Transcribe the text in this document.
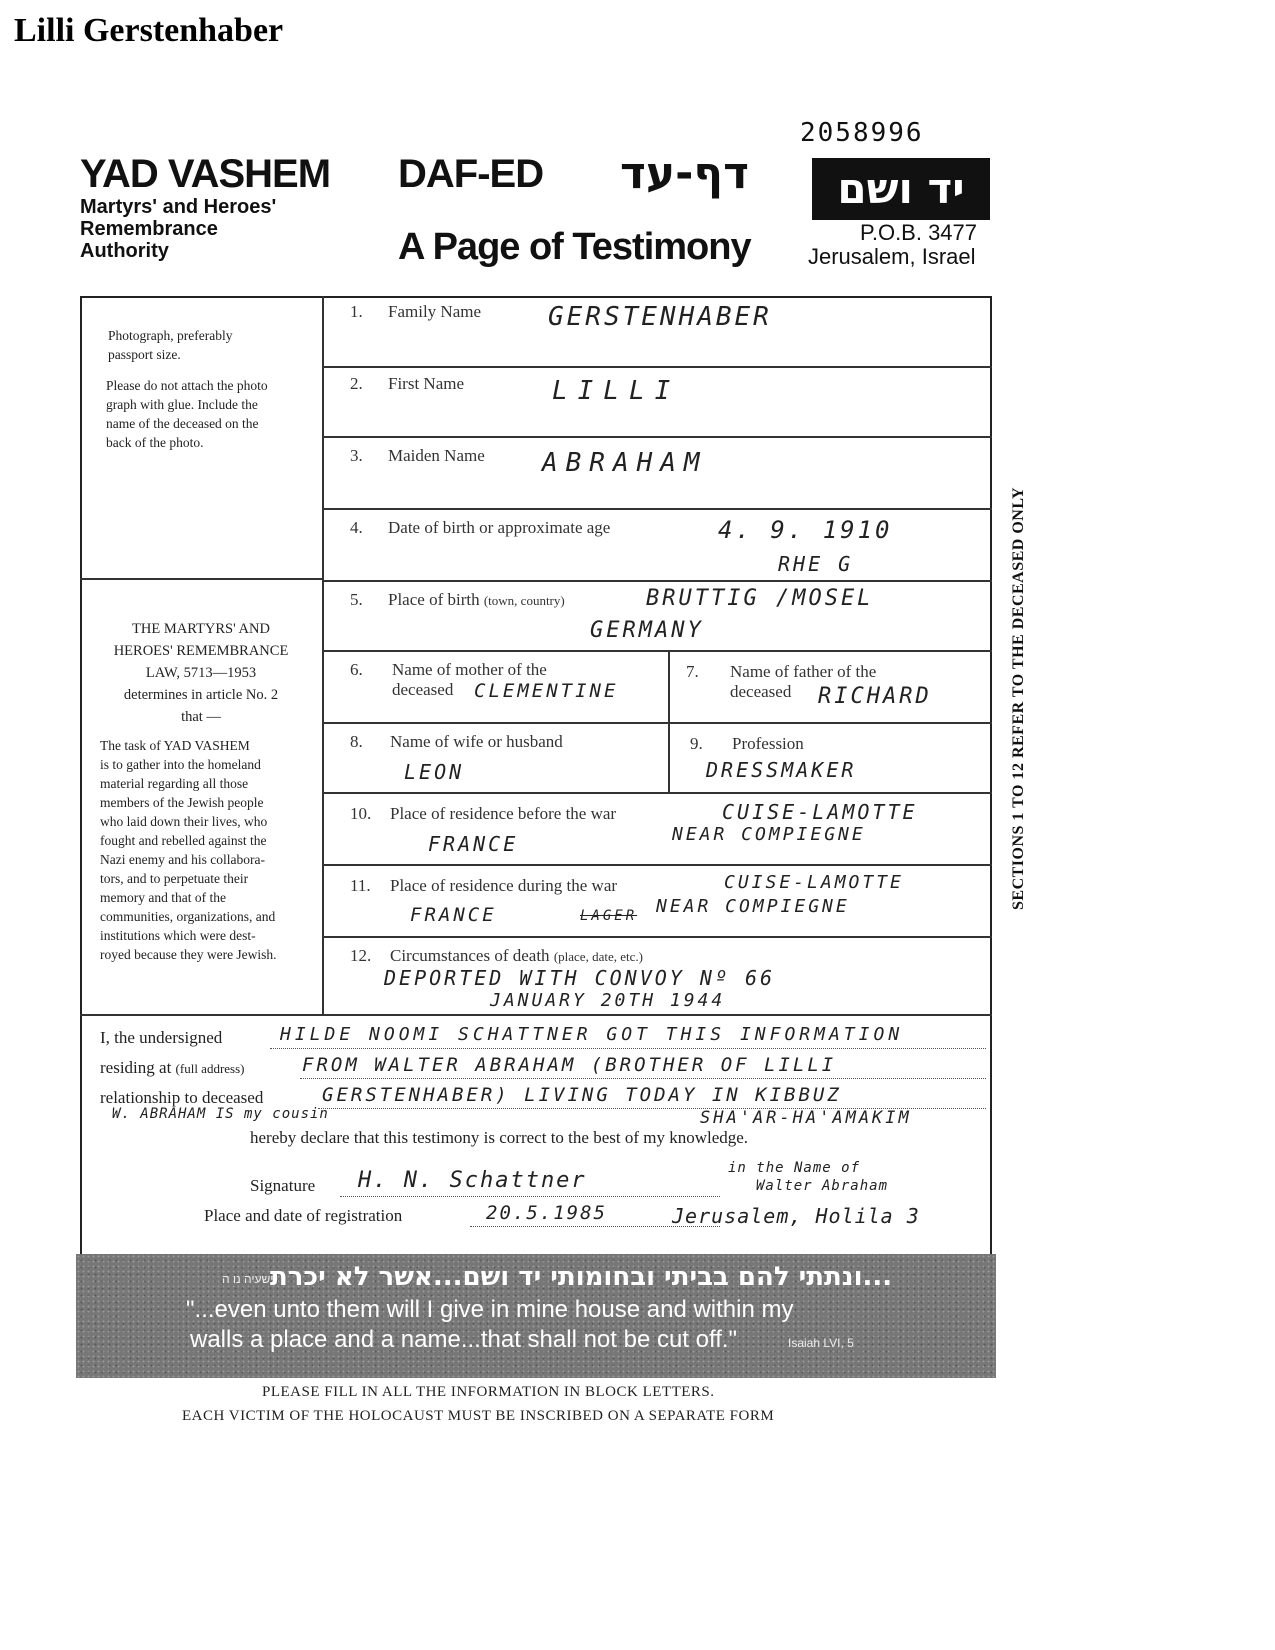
Lilli Gerstenhaber
2058996
YAD VASHEM
Martyrs' and Heroes'
Remembrance
Authority
DAF-ED דף-עד	יד ושם
P.O.B. 3477
Jerusalem, Israel
A Page of Testimony
Photograph, preferably
passport size.
Please do not attach the photo
graph with glue. Include the
name of the deceased on the
back of the photo.
THE MARTYRS' AND
HEROES' REMEMBRANCE
LAW, 5713—1953
determines in article No. 2
that —
The task of YAD VASHEM
is to gather into the homeland
material regarding all those
members of the Jewish people
who laid down their lives, who
fought and rebelled against the
Nazi enemy and his collabora-
tors, and to perpetuate their
memory and that of the
communities, organizations, and
institutions which were dest-
royed because they were Jewish.
1. Family Name	GERSTENHABER
2. First Name	LILLI
3. Maiden Name ABRAHAM
4. Date of birth or approximate age	4. 9. 1910
RHE G
5. Place of birth (town, country)	BRUTTIG /MOSEL
GERMANY
6. Name of mother of the
deceased CLEMENTINE
7. Name of father of the
deceased RICHARD
8. Name of wife or husband
LEON
9. Profession
DRESSMAKER
10. Place of residence before the war	CUISE-LAMOTTE
FRANCE	NEAR COMPIEGNE
11. Place of residence during the war	CUISE-LAMOTTE
FRANCE	LAGER NEAR COMPIEGNE
12. Circumstances of death (place, date, etc.)
DEPORTED WITH CONVOY Nº 66
JANUARY 20TH 1944
I, the undersigned	HILDE NOOMI SCHATTNER GOT THIS INFORMATION
residing at (full address)	FROM WALTER ABRAHAM (BROTHER OF LILLI
relationship to deceased	GERSTENHABER) LIVING TODAY IN KIBBUZ
W. ABRAHAM IS my cousin	SHA'AR-HA'AMAKIM
hereby declare that this testimony is correct to the best of my knowledge.
Signature H. N. Schattner	in the Name of
Walter Abraham
Place and date of registration	20.5.1985	Jerusalem, Holila 3
SECTIONS 1 TO 12 REFER TO THE DECEASED ONLY
...ונתתי להם בביתי ובחומותי יד ושם...אשר לא יכרת
ישעיה נו ה
"...even unto them will I give in mine house and within my
walls a place and a name...that shall not be cut off."	Isaiah LVI, 5
PLEASE FILL IN ALL THE INFORMATION IN BLOCK LETTERS.
EACH VICTIM OF THE HOLOCAUST MUST BE INSCRIBED ON A SEPARATE FORM
